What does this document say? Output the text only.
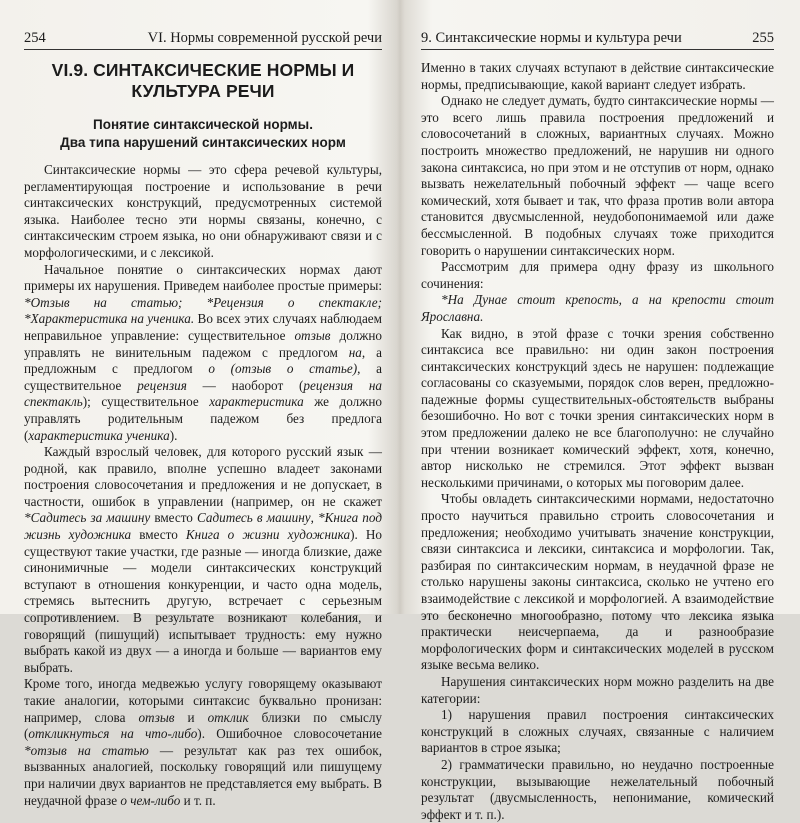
254	VI. Нормы современной русской речи
VI.9. СИНТАКСИЧЕСКИЕ НОРМЫ И КУЛЬТУРА РЕЧИ
Понятие синтаксической нормы.
Два типа нарушений синтаксических норм

Синтаксические нормы — это сфера речевой культуры, регламентирующая построение и использование в речи синтаксических конструкций, предусмотренных системой языка. Наиболее тесно эти нормы связаны, конечно, с синтаксическим строем языка, но они обнаруживают связи и с морфологическими, и с лексикой.

Начальное понятие о синтаксических нормах дают примеры их нарушения. Приведем наиболее простые примеры: *Отзыв на статью; *Рецензия о спектакле; *Характеристика на ученика. Во всех этих случаях наблюдаем неправильное управление: существительное отзыв должно управлять не винительным падежом с предлогом на, а предложным с предлогом о (отзыв о статье), а существительное рецензия — наоборот (рецензия на спектакль); существительное характеристика же должно управлять родительным падежом без предлога (характеристика ученика).

Каждый взрослый человек, для которого русский язык — родной, как правило, вполне успешно владеет законами построения словосочетания и предложения и не допускает, в частности, ошибок в управлении (например, он не скажет *Садитесь за машину вместо Садитесь в машину, *Книга под жизнь художника вместо Книга о жизни художника). Но существуют такие участки, где разные — иногда близкие, даже синонимичные — модели синтаксических конструкций вступают в отношения конкуренции, и часто одна модель, стремясь вытеснить другую, встречает с серьезным сопротивлением. В результате возникают колебания, и говорящий (пишущий) испытывает трудность: ему нужно выбрать какой из двух — а иногда и больше — вариантов ему выбрать.

Кроме того, иногда медвежью услугу говорящему оказывают такие аналогии, которыми синтаксис буквально пронизан: например, слова отзыв и отклик близки по смыслу (откликнуться на что-либо). Ошибочное словосочетание *отзыв на статью — результат как раз тех ошибок, вызванных аналогией, поскольку говорящий или пишущему при наличии двух вариантов не представляется ему выбрать. В неудачной фразе о чем-либо и т. п.

9. Синтаксические нормы и культура речи	255

Именно в таких случаях вступают в действие синтаксические нормы, предписывающие, какой вариант следует избрать.

Однако не следует думать, будто синтаксические нормы — это всего лишь правила построения предложений и словосочетаний в сложных, вариантных случаях. Можно построить множество предложений, не нарушив ни одного закона синтаксиса, но при этом и не отступив от норм, однако вызвать нежелательный побочный эффект — чаще всего комический, хотя бывает и так, что фраза против воли автора становится двусмысленной, неудобопонимаемой или даже бессмысленной. В подобных случаях тоже приходится говорить о нарушении синтаксических норм.

Рассмотрим для примера одну фразу из школьного сочинения:

*На Дунае стоит крепость, а на крепости стоит Ярославна.

Как видно, в этой фразе с точки зрения собственно синтаксиса все правильно: ни один закон построения синтаксических конструкций здесь не нарушен: подлежащие согласованы со сказуемыми, порядок слов верен, предложно-падежные формы существительных-обстоятельств выбраны безошибочно. Но вот с точки зрения синтаксических норм в этом предложении далеко не все благополучно: не случайно при чтении возникает комический эффект, хотя, конечно, автор нисколько не стремился. Этот эффект вызван несколькими причинами, о которых мы поговорим далее.

Чтобы овладеть синтаксическими нормами, недостаточно просто научиться правильно строить словосочетания и предложения; необходимо учитывать значение конструкции, связи синтаксиса и лексики, синтаксиса и морфологии. Так, разбирая по синтаксическим нормам, в неудачной фразе не столько нарушены законы синтаксиса, сколько не учтено его взаимодействие с лексикой и морфологией. А взаимодействие это бесконечно многообразно, потому что лексика языка практически неисчерпаема, да и разнообразие морфологических форм и синтаксических моделей в русском языке весьма велико.

Нарушения синтаксических норм можно разделить на две категории:

1) нарушения правил построения синтаксических конструкций в сложных случаях, связанные с наличием вариантов в строе языка;

2) грамматически правильно, но неудачно построенные конструкции, вызывающие нежелательный побочный результат (двусмысленность, непонимание, комический эффект и т. п.).
